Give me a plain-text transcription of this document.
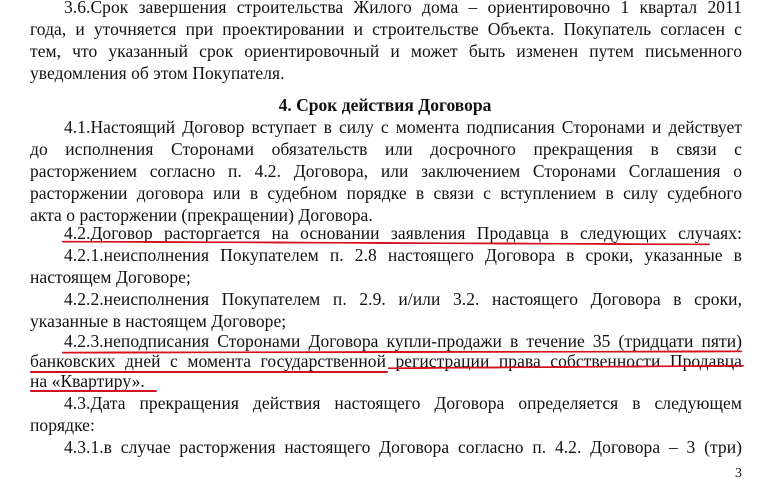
3.6.Срок завершения строительства Жилого дома – ориентировочно 1 квартал 2011
года, и уточняется при проектировании и строительстве Объекта. Покупатель согласен с
тем, что указанный срок ориентировочный и может быть изменен путем письменного
уведомления об этом Покупателя.
4. Срок действия Договора
4.1.Настоящий Договор вступает в силу с момента подписания Сторонами и действует
до исполнения Сторонами обязательств или досрочного прекращения в связи с
расторжением согласно п. 4.2. Договора, или заключением Сторонами Соглашения о
расторжении договора или в судебном порядке в связи с вступлением в силу судебного
акта о расторжении (прекращении) Договора.
4.2.Договор расторгается на основании заявления Продавца в следующих случаях:
4.2.1.неисполнения Покупателем п. 2.8 настоящего Договора в сроки, указанные в
настоящем Договоре;
4.2.2.неисполнения Покупателем п. 2.9. и/или 3.2. настоящего Договора в сроки,
указанные в настоящем Договоре;
4.2.3.неподписания Сторонами Договора купли-продажи в течение 35 (тридцати пяти)
банковских дней с момента государственной регистрации права собственности Продавца
на «Квартиру».
4.3.Дата прекращения действия настоящего Договора определяется в следующем
порядке:
4.3.1.в случае расторжения настоящего Договора согласно п. 4.2. Договора – 3 (три)
3
